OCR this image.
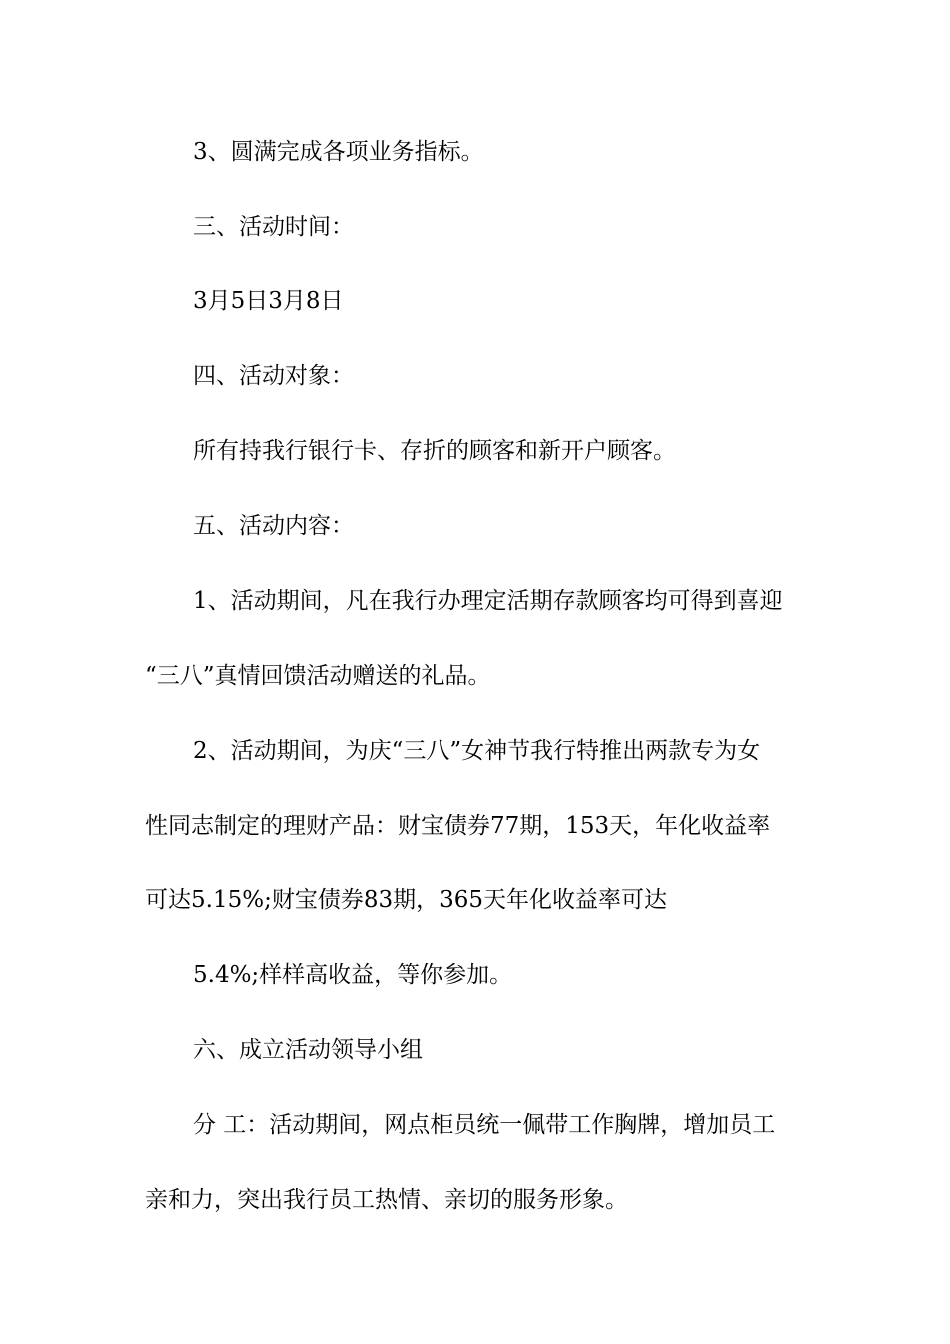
3、圆满完成各项业务指标。
三、活动时间：
3月5日3月8日
四、活动对象：
所有持我行银行卡、存折的顾客和新开户顾客。
五、活动内容：
1、活动期间，凡在我行办理定活期存款顾客均可得到喜迎
“三八”真情回馈活动赠送的礼品。
2、活动期间，为庆“三八”女神节我行特推出两款专为女
性同志制定的理财产品：财宝债券77期，153天，年化收益率
可达5.15%;财宝债券83期，365天年化收益率可达
5.4%;样样高收益，等你参加。
六、成立活动领导小组
分 工：活动期间，网点柜员统一佩带工作胸牌，增加员工
亲和力，突出我行员工热情、亲切的服务形象。
